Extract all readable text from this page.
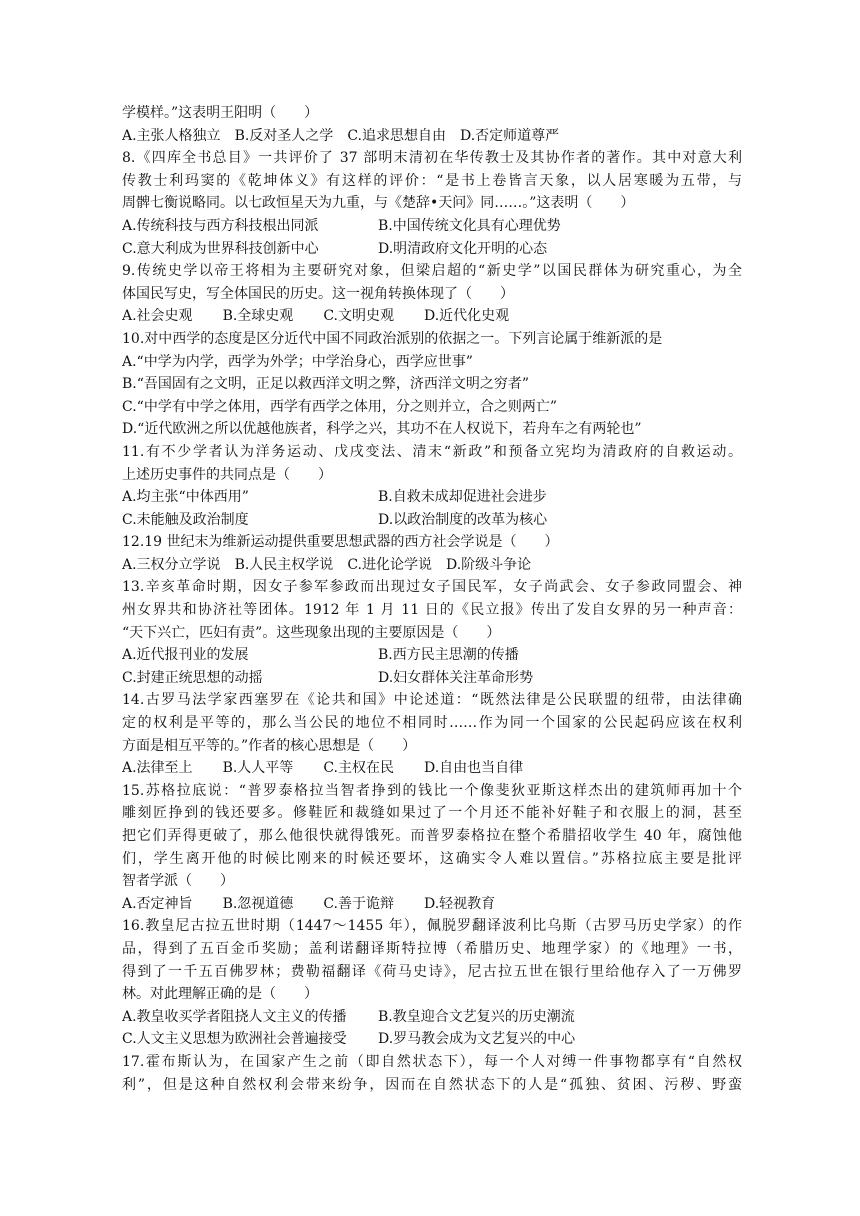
学模样。”这表明王阳明（　　）
A.主张人格独立 B.反对圣人之学 C.追求思想自由 D.否定师道尊严
8.《四库全书总目》一共评价了 37 部明末清初在华传教士及其协作者的著作。其中对意大利
传教士利玛窦的《乾坤体义》有这样的评价：“是书上卷皆言天象，以人居寒暖为五带，与
周髀七衡说略同。以七政恒星天为九重，与《楚辞•天问》同……。”这表明（　　）
A.传统科技与西方科技根出同派	B.中国传统文化具有心理优势
C.意大利成为世界科技创新中心	D.明清政府文化开明的心态
9.传统史学以帝王将相为主要研究对象，但梁启超的“新史学”以国民群体为研究重心，为全
体国民写史，写全体国民的历史。这一视角转换体现了（　　）
A.社会史观 B.全球史观 C.文明史观 D.近代化史观
10.对中西学的态度是区分近代中国不同政治派别的依据之一。下列言论属于维新派的是
A.“中学为内学，西学为外学；中学治身心，西学应世事”
B.“吾国固有之文明，正足以救西洋文明之弊，济西洋文明之穷者”
C.“中学有中学之体用，西学有西学之体用，分之则并立，合之则两亡”
D.“近代欧洲之所以优越他族者，科学之兴，其功不在人权说下，若舟车之有两轮也”
11.有不少学者认为洋务运动、戊戌变法、清末“新政”和预备立宪均为清政府的自救运动。
上述历史事件的共同点是（　　）
A.均主张“中体西用”	B.自救未成却促进社会进步
C.未能触及政治制度	D.以政治制度的改革为核心
12.19 世纪末为维新运动提供重要思想武器的西方社会学说是（　　）
A.三权分立学说 B.人民主权学说 C.进化论学说 D.阶级斗争论
13.辛亥革命时期，因女子参军参政而出现过女子国民军，女子尚武会、女子参政同盟会、神
州女界共和协济社等团体。1912 年 1 月 11 日的《民立报》传出了发自女界的另一种声音：
“天下兴亡，匹妇有责”。这些现象出现的主要原因是（　　）
A.近代报刊业的发展	B.西方民主思潮的传播
C.封建正统思想的动摇	D.妇女群体关注革命形势
14.古罗马法学家西塞罗在《论共和国》中论述道：“既然法律是公民联盟的纽带，由法律确
定的权利是平等的，那么当公民的地位不相同时……作为同一个国家的公民起码应该在权利
方面是相互平等的。”作者的核心思想是（　　）
A.法律至上 B.人人平等 C.主权在民 D.自由也当自律
15.苏格拉底说：“普罗泰格拉当智者挣到的钱比一个像斐狄亚斯这样杰出的建筑师再加十个
雕刻匠挣到的钱还要多。修鞋匠和裁缝如果过了一个月还不能补好鞋子和衣服上的洞，甚至
把它们弄得更破了，那么他很快就得饿死。而普罗泰格拉在整个希腊招收学生 40 年，腐蚀他
们，学生离开他的时候比刚来的时候还要坏，这确实令人难以置信。”苏格拉底主要是批评
智者学派（　　）
A.否定神旨 B.忽视道德 C.善于诡辩 D.轻视教育
16.教皇尼古拉五世时期（1447～1455 年），佩脱罗翻译波利比乌斯（古罗马历史学家）的作
品，得到了五百金币奖励；盖利诺翻译斯特拉博（希腊历史、地理学家）的《地理》一书，
得到了一千五百佛罗林；费勒福翻译《荷马史诗》，尼古拉五世在银行里给他存入了一万佛罗
林。对此理解正确的是（　　）
A.教皇收买学者阻挠人文主义的传播	B.教皇迎合文艺复兴的历史潮流
C.人文主义思想为欧洲社会普遍接受	D.罗马教会成为文艺复兴的中心
17.霍布斯认为，在国家产生之前（即自然状态下），每一个人对缚一件事物都享有“自然权
利”，但是这种自然权利会带来纷争，因而在自然状态下的人是“孤独、贫困、污秽、野蛮
